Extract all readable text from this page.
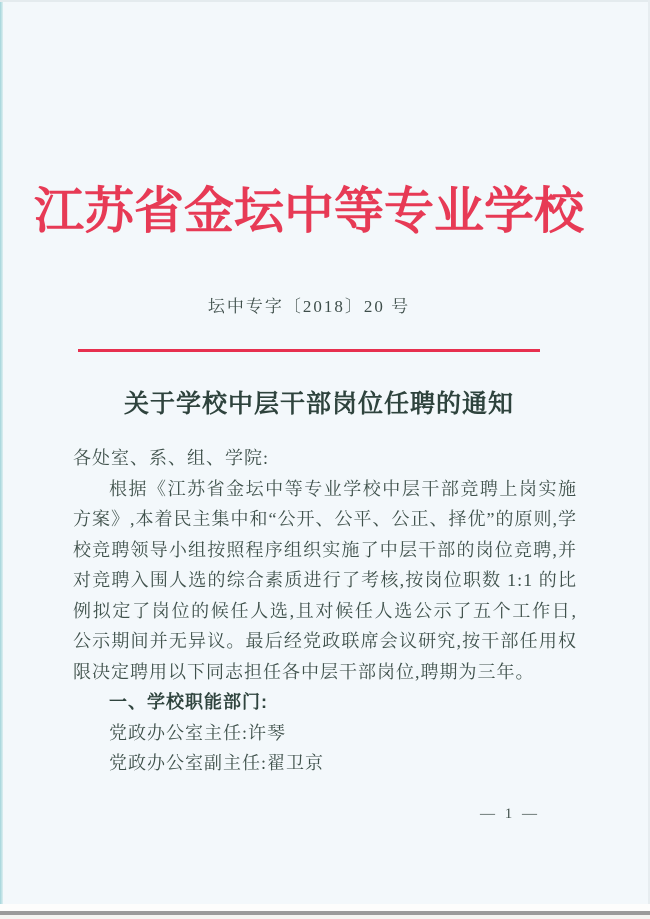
江苏省金坛中等专业学校
坛中专字〔2018〕20 号
关于学校中层干部岗位任聘的通知

各处室、系、组、学院:

根据《江苏省金坛中等专业学校中层干部竞聘上岗实施方案》,本着民主集中和“公开、公平、公正、择优”的原则,学校竞聘领导小组按照程序组织实施了中层干部的岗位竞聘,并对竞聘入围人选的综合素质进行了考核,按岗位职数 1:1 的比例拟定了岗位的候任人选,且对候任人选公示了五个工作日,公示期间并无异议。最后经党政联席会议研究,按干部任用权限决定聘用以下同志担任各中层干部岗位,聘期为三年。

一、学校职能部门:

党政办公室主任:许琴

党政办公室副主任:翟卫京

— 1 —
